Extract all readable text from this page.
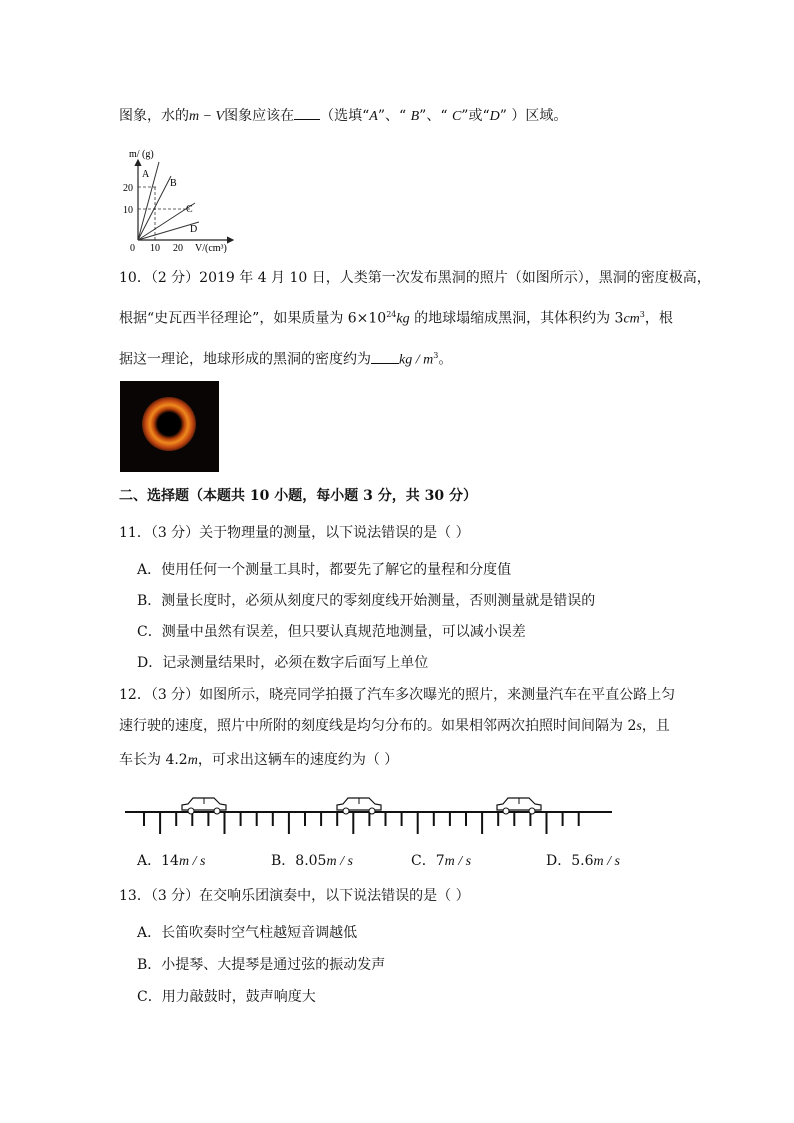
图象，水的m − V图象应该在 （选填“A”、“ B”、“ C”或“D” ）区域。
m/ (g)
V/(cm³)
20
10
0 10 20
A
B
C
D
10．（2 分）2019 年 4 月 10 日，人类第一次发布黑洞的照片（如图所示），黑洞的密度极高，
根据“史瓦西半径理论”，如果质量为 $6\times 10^{24}kg$ 的地球塌缩成黑洞，其体积约为 $3cm^3$，根
据这一理论，地球形成的黑洞的密度约为 kg / $m^3$。
二、选择题（本题共 10 小题，每小题 3 分，共 30 分）
11．（3 分）关于物理量的测量，以下说法错误的是（ ）
A．使用任何一个测量工具时，都要先了解它的量程和分度值
B．测量长度时，必须从刻度尺的零刻度线开始测量，否则测量就是错误的
C．测量中虽然有误差，但只要认真规范地测量，可以减小误差
D．记录测量结果时，必须在数字后面写上单位
12．（3 分）如图所示，晓亮同学拍摄了汽车多次曝光的照片，来测量汽车在平直公路上匀
速行驶的速度，照片中所附的刻度线是均匀分布的。如果相邻两次拍照时间间隔为 2s，且
车长为 4.2m，可求出这辆车的速度约为（ ）
A．14m / s	B．8.05m / s	C．7m / s	D．5.6m / s
13．（3 分）在交响乐团演奏中，以下说法错误的是（ ）
A．长笛吹奏时空气柱越短音调越低
B．小提琴、大提琴是通过弦的振动发声
C．用力敲鼓时，鼓声响度大
